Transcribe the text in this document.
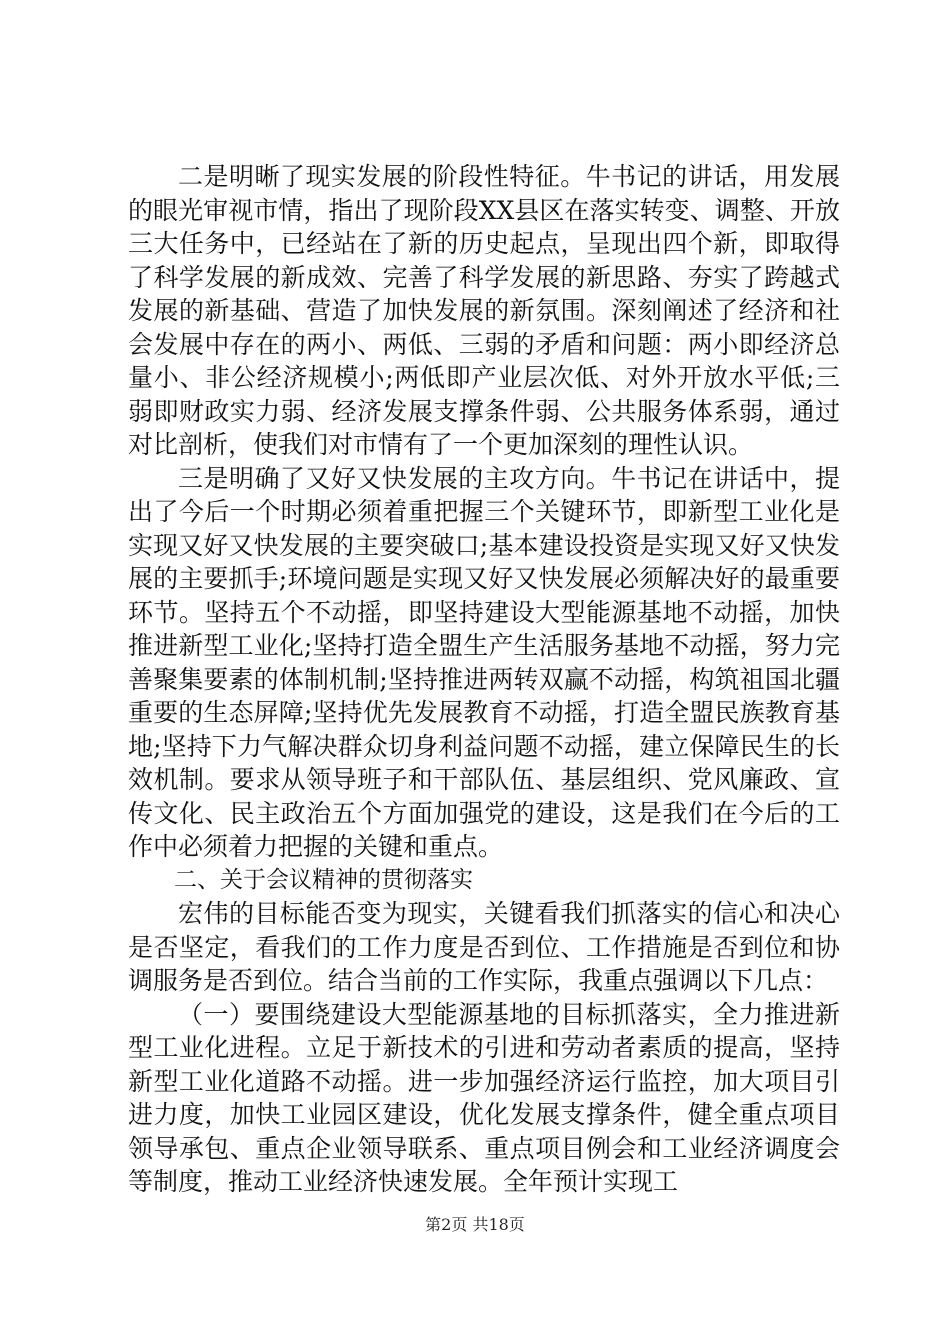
二是明晰了现实发展的阶段性特征。牛书记的讲话，用发展的眼光审视市情，指出了现阶段XX县区在落实转变、调整、开放三大任务中，已经站在了新的历史起点，呈现出四个新，即取得了科学发展的新成效、完善了科学发展的新思路、夯实了跨越式发展的新基础、营造了加快发展的新氛围。深刻阐述了经济和社会发展中存在的两小、两低、三弱的矛盾和问题：两小即经济总量小、非公经济规模小;两低即产业层次低、对外开放水平低;三弱即财政实力弱、经济发展支撑条件弱、公共服务体系弱，通过对比剖析，使我们对市情有了一个更加深刻的理性认识。

三是明确了又好又快发展的主攻方向。牛书记在讲话中，提出了今后一个时期必须着重把握三个关键环节，即新型工业化是实现又好又快发展的主要突破口;基本建设投资是实现又好又快发展的主要抓手;环境问题是实现又好又快发展必须解决好的最重要环节。坚持五个不动摇，即坚持建设大型能源基地不动摇，加快推进新型工业化;坚持打造全盟生产生活服务基地不动摇，努力完善聚集要素的体制机制;坚持推进两转双赢不动摇，构筑祖国北疆重要的生态屏障;坚持优先发展教育不动摇，打造全盟民族教育基地;坚持下力气解决群众切身利益问题不动摇，建立保障民生的长效机制。要求从领导班子和干部队伍、基层组织、党风廉政、宣传文化、民主政治五个方面加强党的建设，这是我们在今后的工作中必须着力把握的关键和重点。

二、关于会议精神的贯彻落实

宏伟的目标能否变为现实，关键看我们抓落实的信心和决心是否坚定，看我们的工作力度是否到位、工作措施是否到位和协调服务是否到位。结合当前的工作实际，我重点强调以下几点：

（一）要围绕建设大型能源基地的目标抓落实，全力推进新型工业化进程。立足于新技术的引进和劳动者素质的提高，坚持新型工业化道路不动摇。进一步加强经济运行监控，加大项目引进力度，加快工业园区建设，优化发展支撑条件，健全重点项目领导承包、重点企业领导联系、重点项目例会和工业经济调度会等制度，推动工业经济快速发展。全年预计实现工

第2页 共18页
